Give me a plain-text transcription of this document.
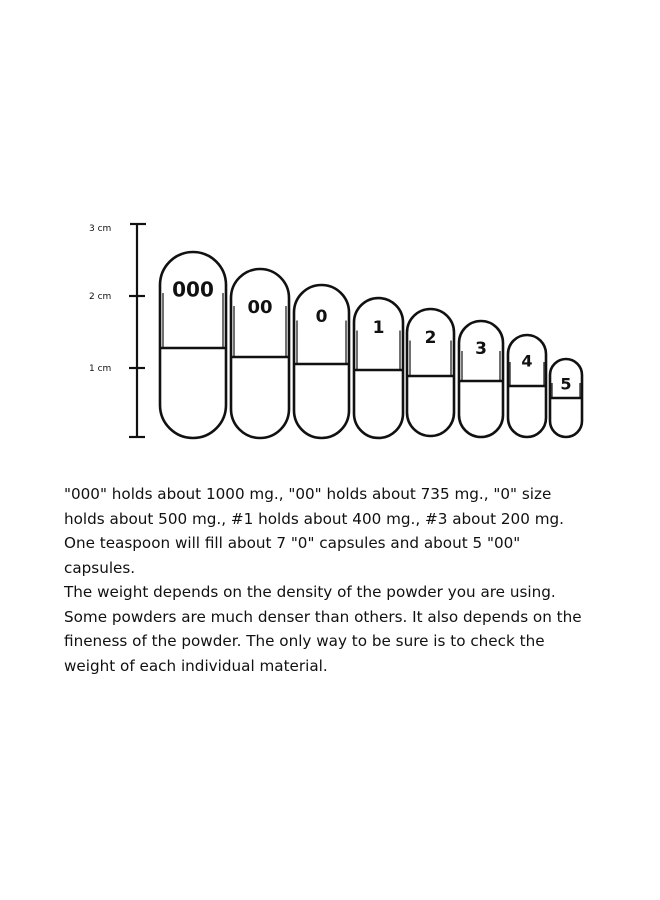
3 cm
2 cm
1 cm
000
00	0
1 2
3
4
5

"000" holds about 1000 mg., "00" holds about 735 mg., "0" size

holds about 500 mg., #1 holds about 400 mg., #3 about 200 mg.

One teaspoon will fill about 7 "0" capsules and about 5 "00"

capsules.

The weight depends on the density of the powder you are using.

Some powders are much denser than others. It also depends on the

fineness of the powder. The only way to be sure is to check the

weight of each individual material.
